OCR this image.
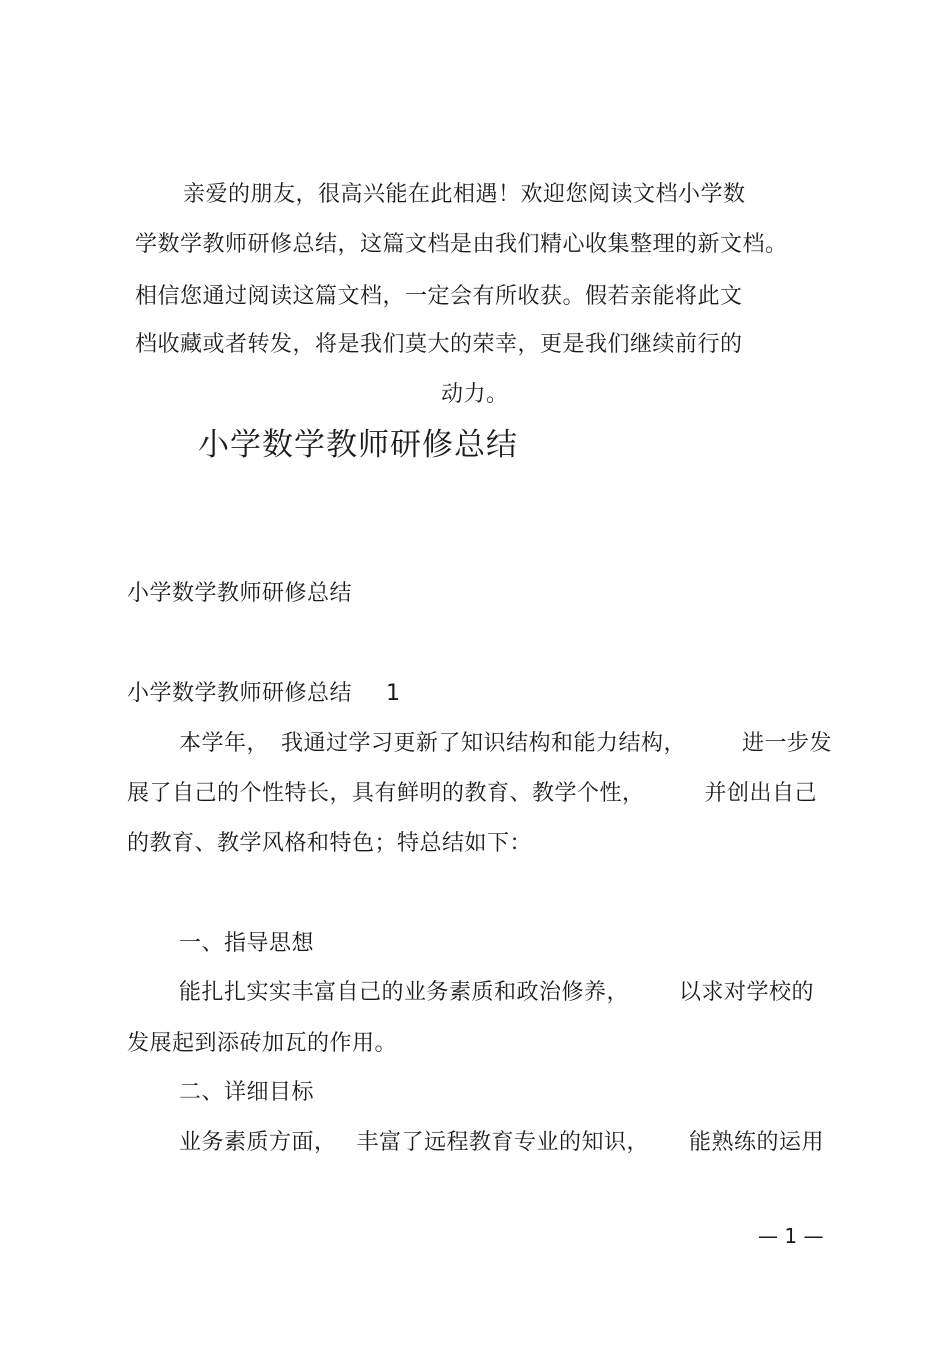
亲爱的朋友，很高兴能在此相遇！欢迎您阅读文档小学数
学数学教师研修总结，这篇文档是由我们精心收集整理的新文档。
相信您通过阅读这篇文档，一定会有所收获。假若亲能将此文
档收藏或者转发，将是我们莫大的荣幸，更是我们继续前行的
动力。
小学数学教师研修总结
小学数学教师研修总结
小学数学教师研修总结 1
本学年， 我通过学习更新了知识结构和能力结构，	进一步发
展了自己的个性特长，具有鲜明的教育、教学个性，	并创出自己
的教育、教学风格和特色；特总结如下：
一、指导思想
能扎扎实实丰富自己的业务素质和政治修养， 以求对学校的
发展起到添砖加瓦的作用。
二、详细目标
业务素质方面， 丰富了远程教育专业的知识， 能熟练的运用
— 1 —
